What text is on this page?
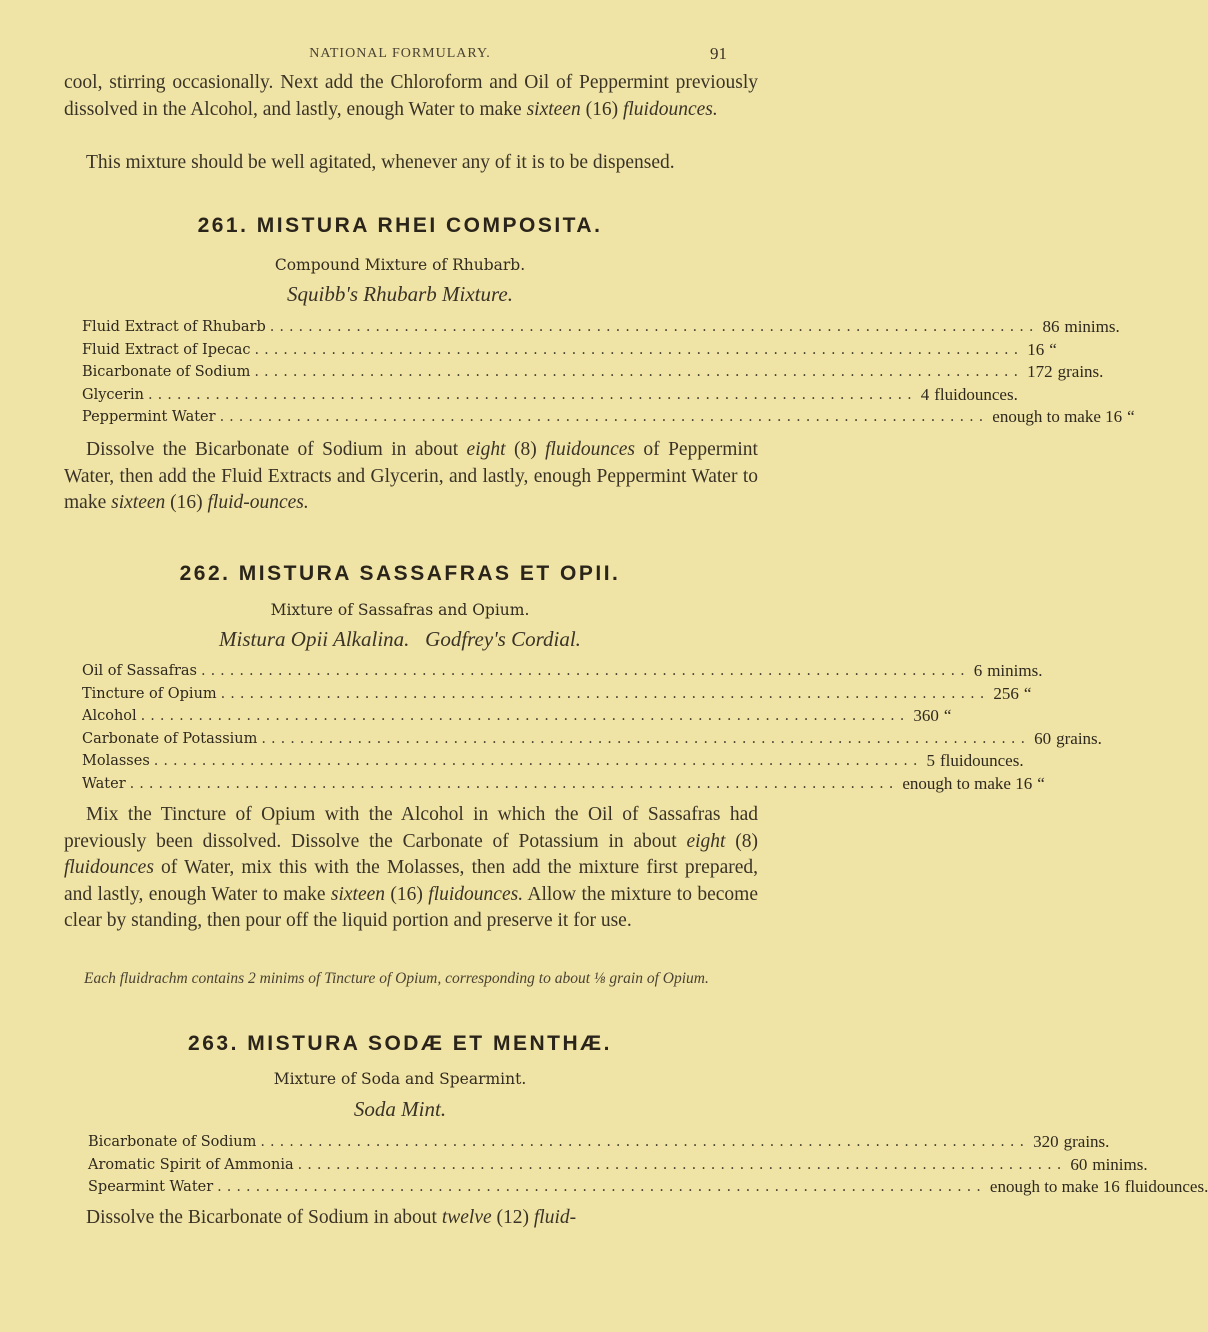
NATIONAL FORMULARY.	91
cool, stirring occasionally. Next add the Chloroform and Oil of Peppermint previously dissolved in the Alcohol, and lastly, enough Water to make sixteen (16) fluidounces.
This mixture should be well agitated, whenever any of it is to be dispensed.
261. MISTURA RHEI COMPOSITA.
Compound Mixture of Rhubarb.
Squibb's Rhubarb Mixture.
Fluid Extract of Rhubarb ................................................................................ 86 minims.
Fluid Extract of Ipecac ................................................................................ 16 “
Bicarbonate of Sodium ................................................................................ 172 grains.
Glycerin ................................................................................ 4 fluidounces.
Peppermint Water ................................................................................ enough to make 16 “
Dissolve the Bicarbonate of Sodium in about eight (8) fluidounces of Peppermint Water, then add the Fluid Extracts and Glycerin, and lastly, enough Peppermint Water to make sixteen (16) fluid-ounces.
262. MISTURA SASSAFRAS ET OPII.
Mixture of Sassafras and Opium.
Mistura Opii Alkalina.   Godfrey's Cordial.
Oil of Sassafras ................................................................................ 6 minims.
Tincture of Opium ................................................................................ 256 “
Alcohol ................................................................................ 360 “
Carbonate of Potassium ................................................................................ 60 grains.
Molasses ................................................................................ 5 fluidounces.
Water ................................................................................ enough to make 16 “
Mix the Tincture of Opium with the Alcohol in which the Oil of Sassafras had previously been dissolved. Dissolve the Carbonate of Potassium in about eight (8) fluidounces of Water, mix this with the Molasses, then add the mixture first prepared, and lastly, enough Water to make sixteen (16) fluidounces. Allow the mixture to become clear by standing, then pour off the liquid portion and preserve it for use.
Each fluidrachm contains 2 minims of Tincture of Opium, corresponding to about ⅛ grain of Opium.
263. MISTURA SODÆ ET MENTHÆ.
Mixture of Soda and Spearmint.
Soda Mint.
Bicarbonate of Sodium ................................................................................ 320 grains.
Aromatic Spirit of Ammonia ................................................................................ 60 minims.
Spearmint Water ................................................................................ enough to make 16 fluidounces.
Dissolve the Bicarbonate of Sodium in about twelve (12) fluid-
